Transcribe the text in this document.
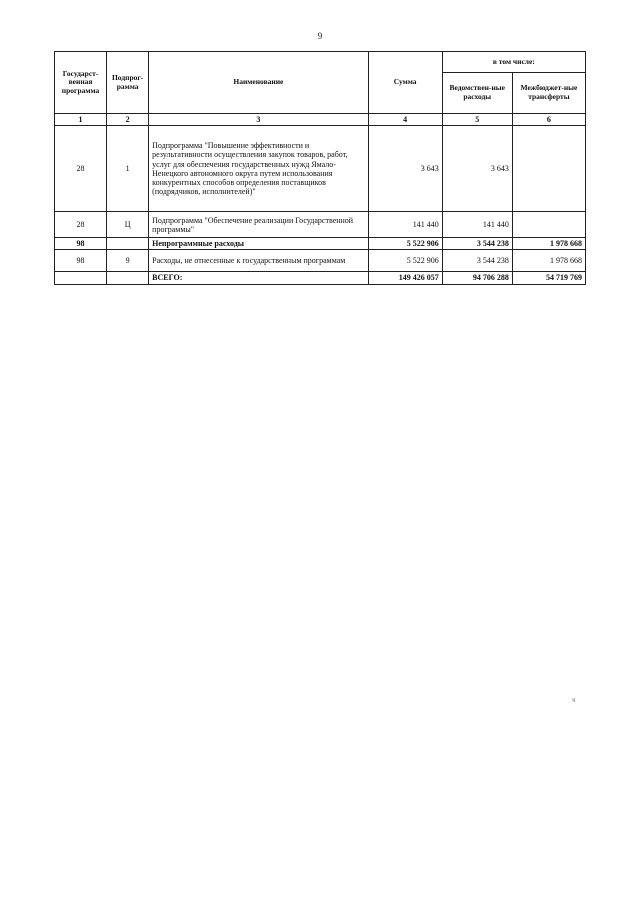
9
Государст-венная программа	Подпрог-рамма	Наименование	Сумма	в том числе:	
				Ведомствен-ные расходы	Межбюджет-ные трансферты
1	2	3	4	5	6
28	1	Подпрограмма "Повышение эффективности и результативности осуществления закупок товаров, работ, услуг для обеспечения государственных нужд Ямало-Ненецкого автономного округа путем использования конкурентных способов определения поставщиков (подрядчиков, исполнителей)"	3 643	3 643	
28	Ц	Подпрограмма "Обеспечение реализации Государственной программы"	141 440	141 440	
98		Непрограммные расходы	5 522 906	3 544 238	1 978 668
98	9	Расходы, не отнесенные к государственным программам	5 522 906	3 544 238	1 978 668
		ВСЕГО:	149 426 057	94 706 288	54 719 769
ч
